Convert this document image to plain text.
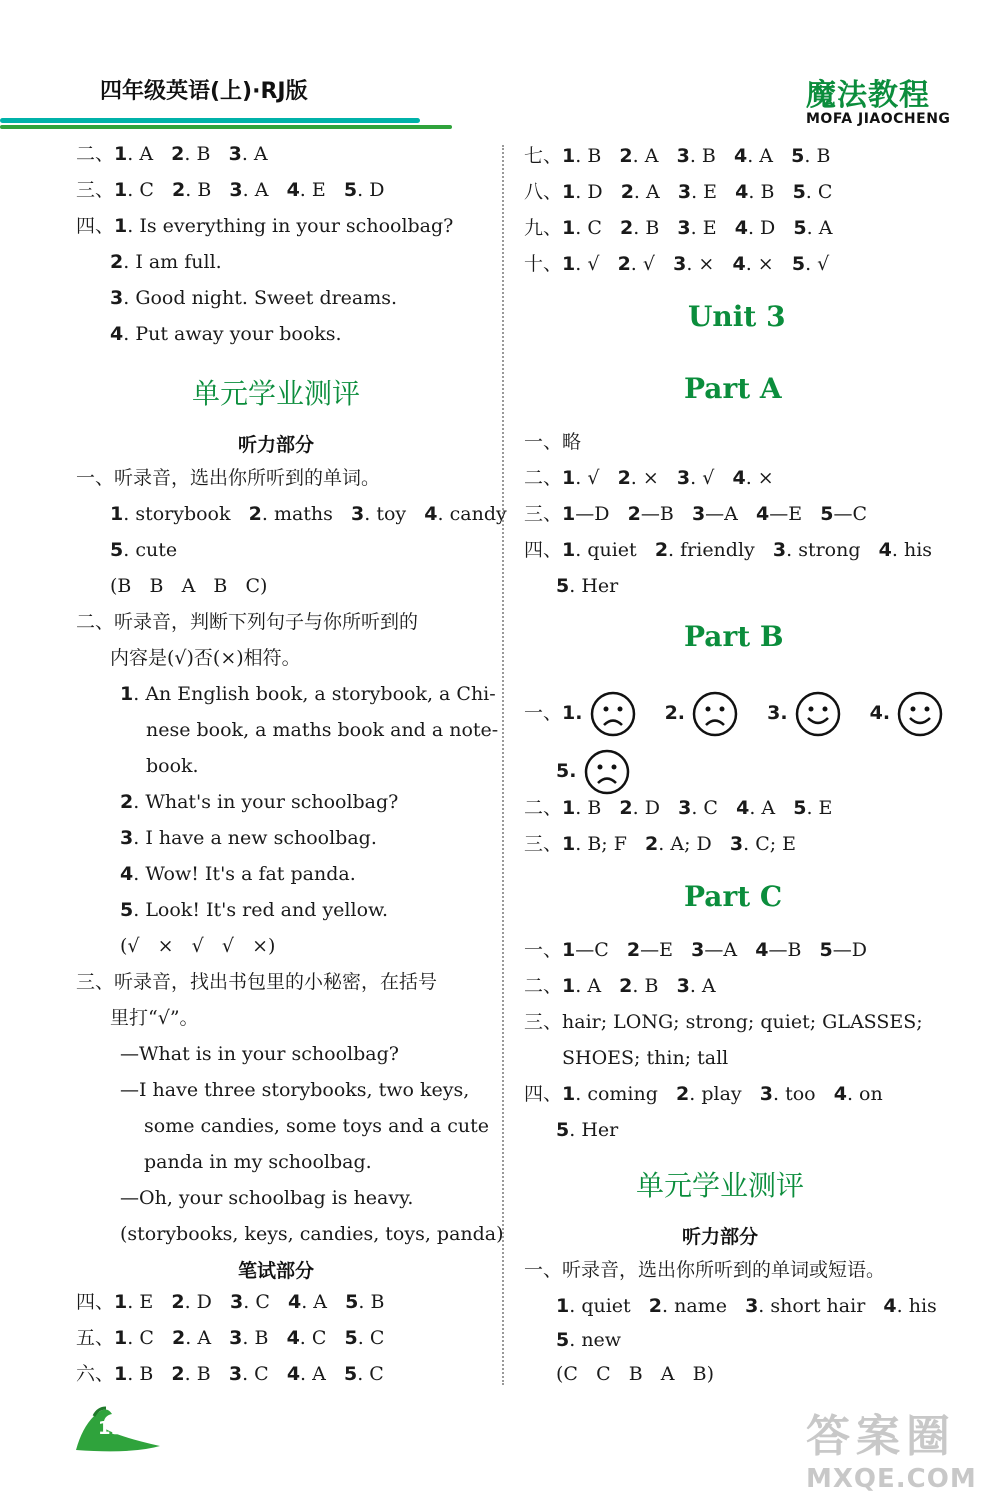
四年级英语(上)·RJ版	魔法教程
MOFA JIAOCHENG
二、1. A   2. B   3. A
三、1. C   2. B   3. A   4. E   5. D
四、1. Is everything in your schoolbag?
2. I am full.
3. Good night. Sweet dreams.
4. Put away your books.
单元学业测评
听力部分
一、听录音，选出你所听到的单词。
1. storybook   2. maths   3. toy   4. candy
5. cute
(B   B   A   B   C)
二、听录音，判断下列句子与你所听到的
内容是(√)否(×)相符。
1. An English book, a storybook, a Chi-
nese book, a maths book and a note-
book.
2. What's in your schoolbag?
3. I have a new schoolbag.
4. Wow! It's a fat panda.
5. Look! It's red and yellow.
(√   ×   √   √   ×)
三、听录音，找出书包里的小秘密，在括号
里打“√”。
—What is in your schoolbag?
—I have three storybooks, two keys,
some candies, some toys and a cute
panda in my schoolbag.
—Oh, your schoolbag is heavy.
(storybooks, keys, candies, toys, panda)
笔试部分
四、1. E   2. D   3. C   4. A   5. B
五、1. C   2. A   3. B   4. C   5. C
六、1. B   2. B   3. C   4. A   5. C
七、1. B   2. A   3. B   4. A   5. B
八、1. D   2. A   3. E   4. B   5. C
九、1. C   2. B   3. E   4. D   5. A
十、1. √   2. √   3. ×   4. ×   5. √
Unit 3
Part A
一、略
二、1. √   2. ×   3. √   4. ×
三、1—D   2—B   3—A   4—E   5—C
四、1. quiet   2. friendly   3. strong   4. his
5. Her
Part B
一、1.	2.	3.	4.
5.
二、1. B   2. D   3. C   4. A   5. E
三、1. B; F   2. A; D   3. C; E
Part C
一、1—C   2—E   3—A   4—B   5—D
二、1. A   2. B   3. A
三、hair; LONG; strong; quiet; GLASSES;
SHOES; thin; tall
四、1. coming   2. play   3. too   4. on
5. Her
单元学业测评
听力部分
一、听录音，选出你所听到的单词或短语。
1. quiet   2. name   3. short hair   4. his
5. new
(C   C   B   A   B)
198	答案圈
MXQE.COM
